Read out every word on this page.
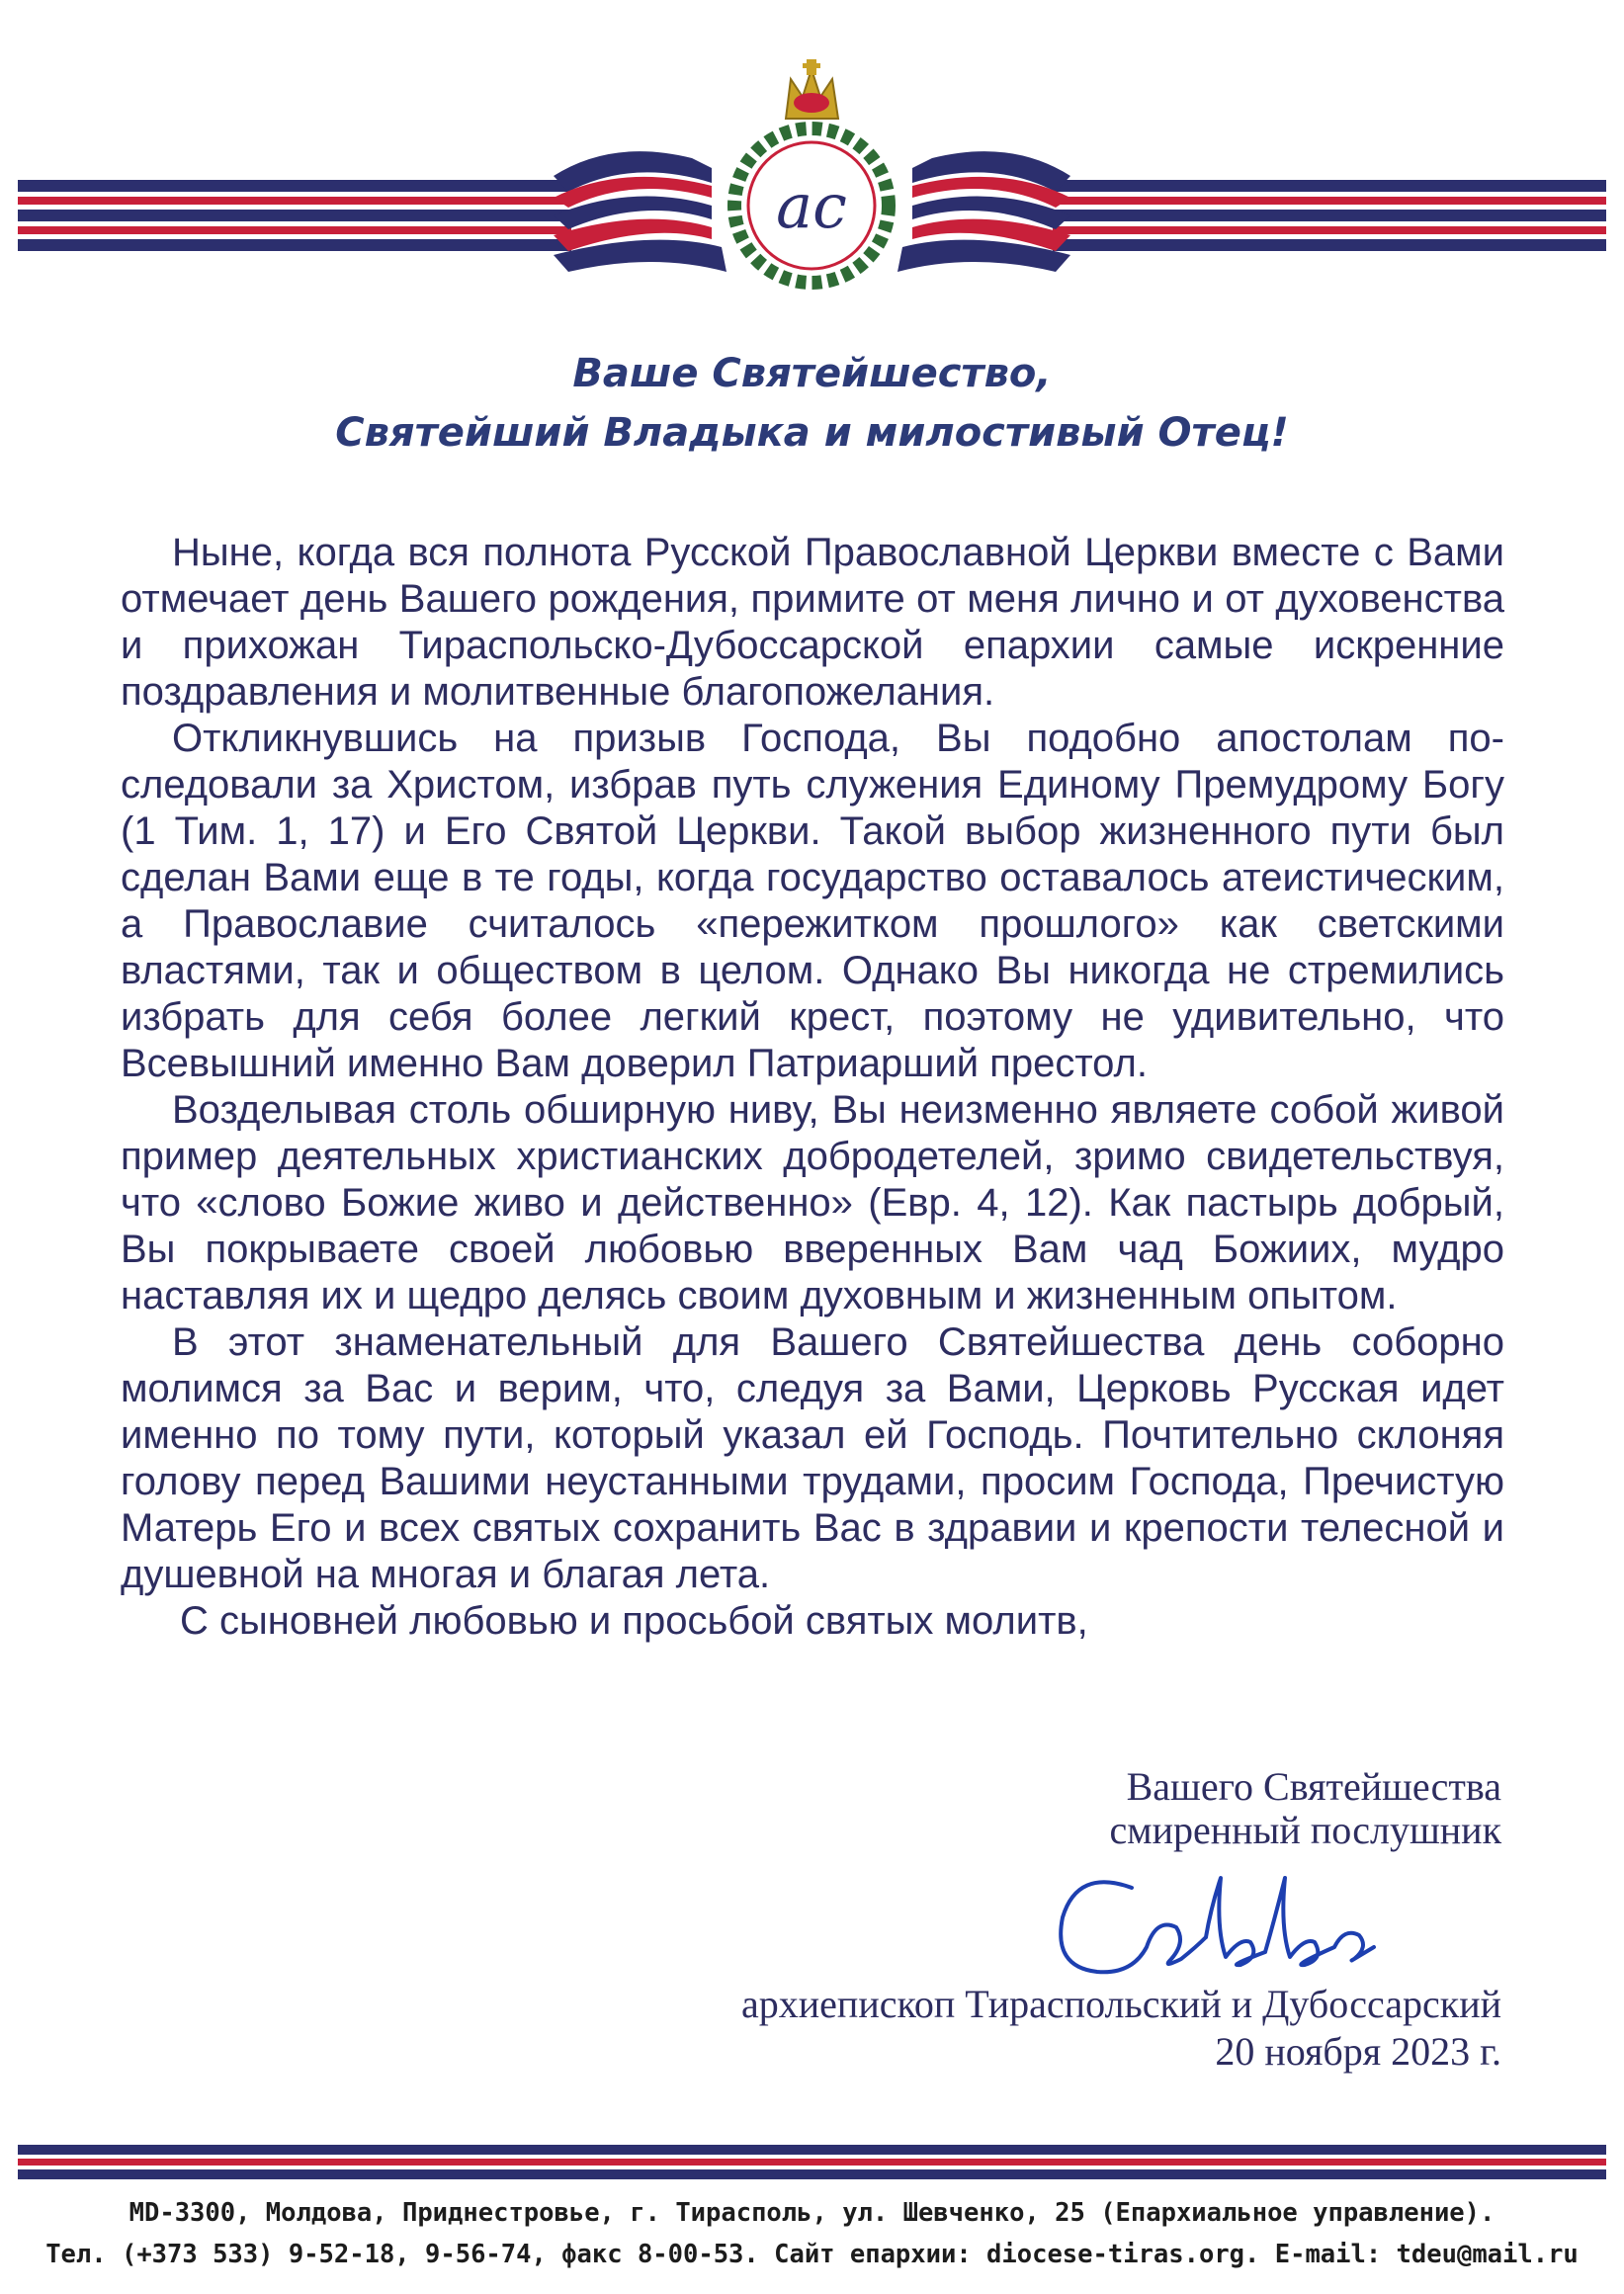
ас
Ваше Святейшество,
Святейший Владыка и милостивый Отец!

Ныне, когда вся полнота Русской Православной Церкви вместе с Вами отмечает день Вашего рождения, примите от меня лично и от духовенства и прихожан Тираспольско-Дубоссарской епархии самые искренние поздравления и молитвенные благопожелания.

Откликнувшись на призыв Господа, Вы подобно апостолам последовали за Христом, избрав путь служения Единому Премудрому Богу (1 Тим. 1, 17) и Его Святой Церкви. Такой выбор жизненного пути был сделан Вами еще в те годы, когда государство оставалось атеистическим, а Православие считалось «пережитком прошлого» как светскими властями, так и обществом в целом. Однако Вы никогда не стремились избрать для себя более легкий крест, поэтому не удивительно, что Всевышний именно Вам доверил Патриарший престол.

Возделывая столь обширную ниву, Вы неизменно являете собой живой пример деятельных христианских добродетелей, зримо свидетельствуя, что «слово Божие живо и действенно» (Евр. 4, 12). Как пастырь добрый, Вы покрываете своей любовью вверенных Вам чад Божиих, мудро наставляя их и щедро делясь своим духовным и жизненным опытом.

В этот знаменательный для Вашего Святейшества день соборно молимся за Вас и верим, что, следуя за Вами, Церковь Русская идет именно по тому пути, который указал ей Господь. Почтительно склоняя голову перед Вашими неустанными трудами, просим Господа, Пречистую Матерь Его и всех святых сохранить Вас в здравии и крепости телесной и душевной на многая и благая лета.

С сыновней любовью и просьбой святых молитв,

Вашего Святейшества
смиренный послушник
архиепископ Тираспольский и Дубоссарский
20 ноября 2023 г.
MD-3300, Молдова, Приднестровье, г. Тирасполь, ул. Шевченко, 25 (Епархиальное управление).
Тел. (+373 533) 9-52-18, 9-56-74, факс 8-00-53. Сайт епархии: diocese-tiras.org. E-mail: tdeu@mail.ru
